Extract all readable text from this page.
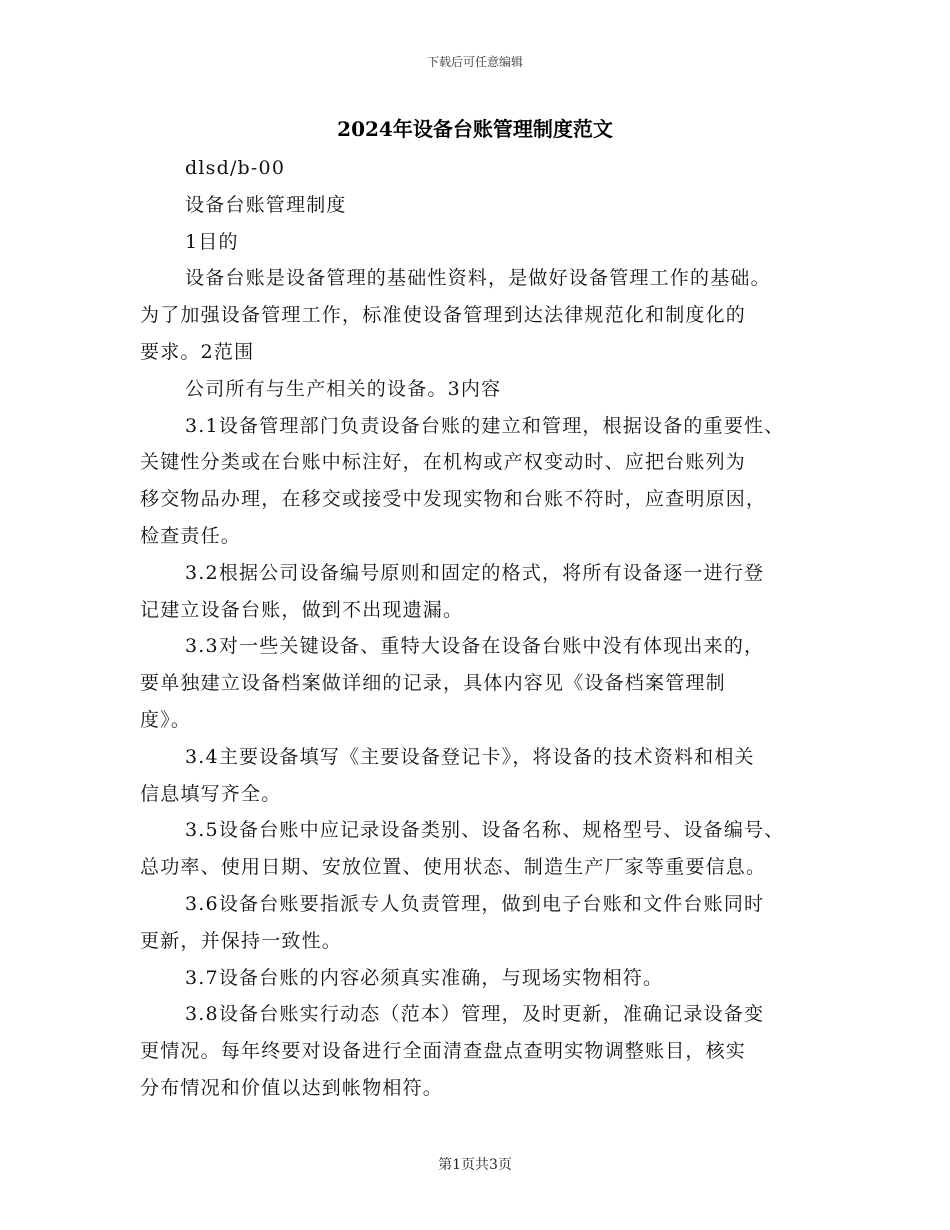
下载后可任意编辑
2024年设备台账管理制度范文
dlsd/b-00
设备台账管理制度
1目的
设备台账是设备管理的基础性资料，是做好设备管理工作的基础。
为了加强设备管理工作，标准使设备管理到达法律规范化和制度化的
要求。2范围
公司所有与生产相关的设备。3内容
3.1设备管理部门负责设备台账的建立和管理，根据设备的重要性、
关键性分类或在台账中标注好，在机构或产权变动时、应把台账列为
移交物品办理，在移交或接受中发现实物和台账不符时，应查明原因，
检查责任。
3.2根据公司设备编号原则和固定的格式，将所有设备逐一进行登
记建立设备台账，做到不出现遗漏。
3.3对一些关键设备、重特大设备在设备台账中没有体现出来的，
要单独建立设备档案做详细的记录，具体内容见《设备档案管理制
度》。
3.4主要设备填写《主要设备登记卡》，将设备的技术资料和相关
信息填写齐全。
3.5设备台账中应记录设备类别、设备名称、规格型号、设备编号、
总功率、使用日期、安放位置、使用状态、制造生产厂家等重要信息。
3.6设备台账要指派专人负责管理，做到电子台账和文件台账同时
更新，并保持一致性。
3.7设备台账的内容必须真实准确，与现场实物相符。
3.8设备台账实行动态（范本）管理，及时更新，准确记录设备变
更情况。每年终要对设备进行全面清查盘点查明实物调整账目，核实
分布情况和价值以达到帐物相符。
第1页共3页
